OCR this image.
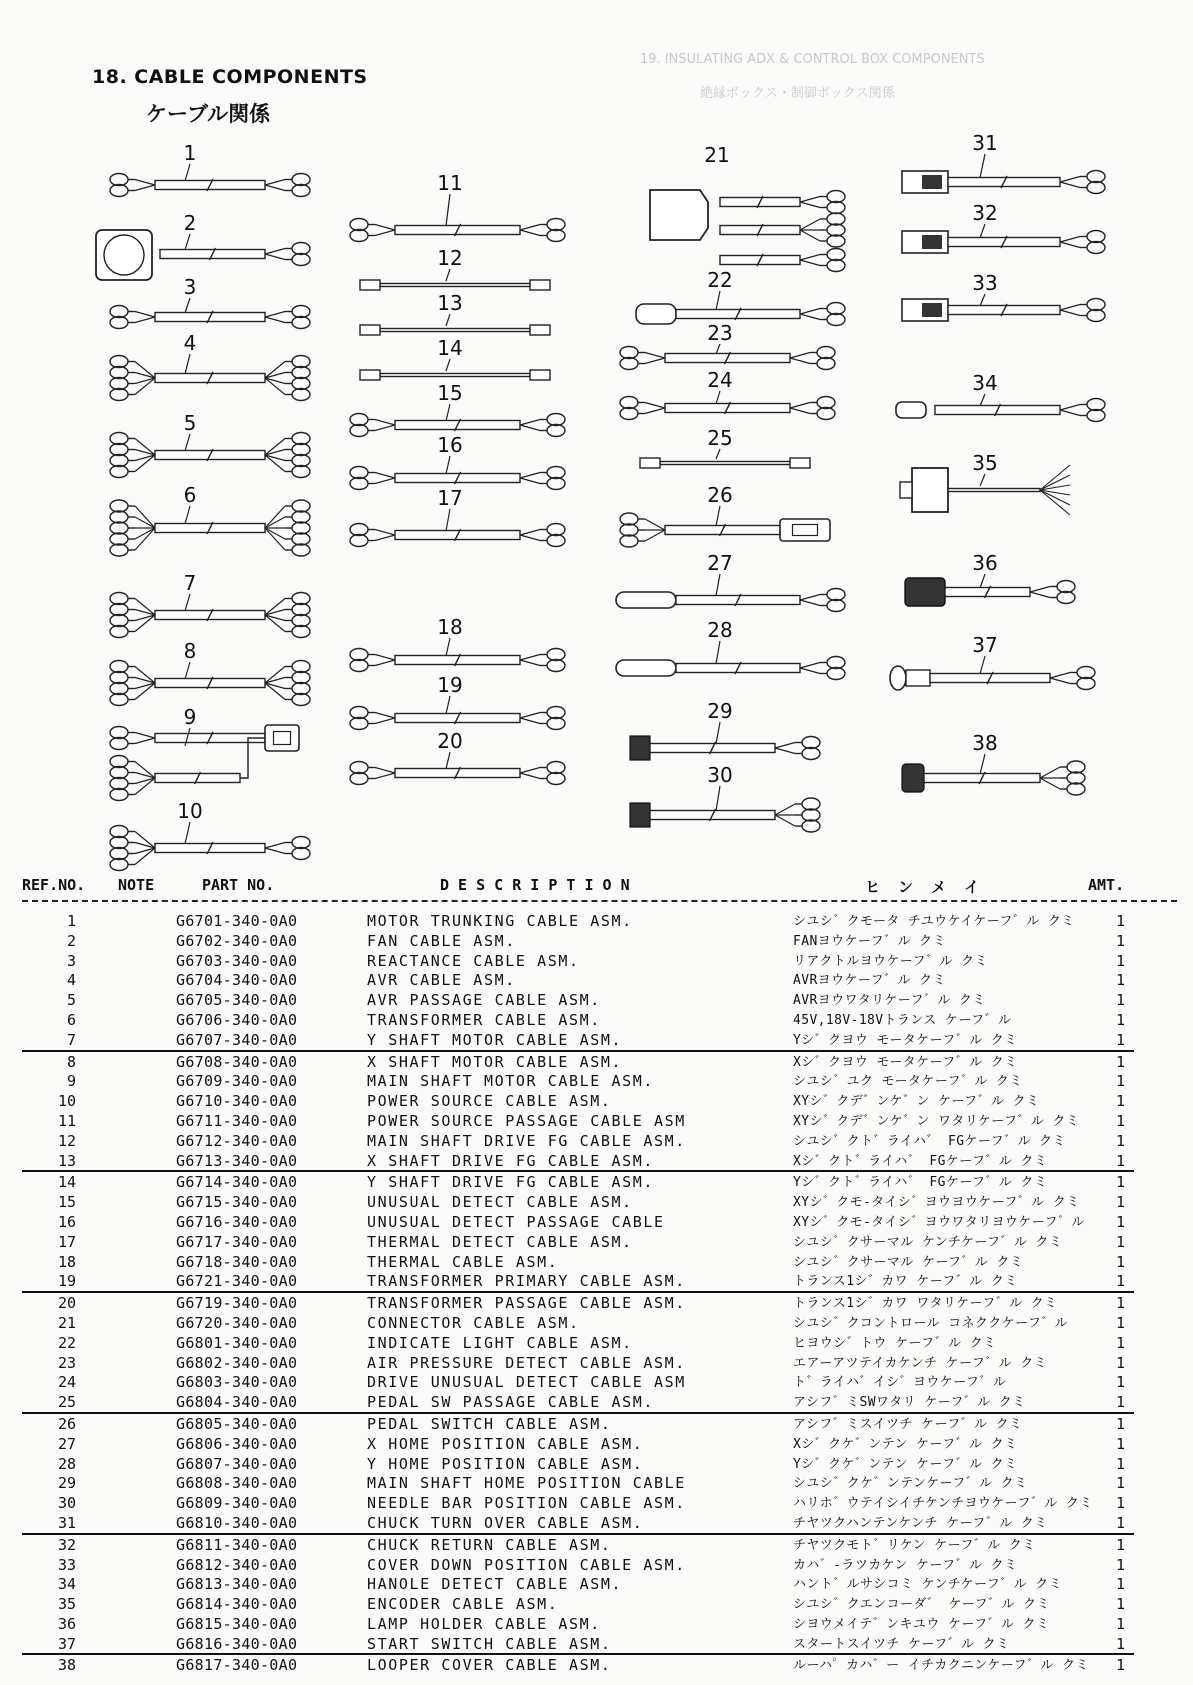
19. INSULATING ADX & CONTROL BOX COMPONENTS
絶縁ボックス・制御ボックス関係
18. CABLE COMPONENTS
ケーブル関係
1
2
3
4
5
6
7
8
9
10
11
12
13
14
15
16
17
18
19
20
21
22
23
24
25
26
27
28
29
30
31
32
33
34
35
36
37
38
REF.NO. NOTE	PART NO.	D E S C R I P T I O N	ヒ  ン  メ  イ	AMT.
1	G6701-340-0A0	MOTOR TRUNKING CABLE ASM.	シユシ゛クモータ チユウケイケーフ゛ル クミ	1
2	G6702-340-0A0	FAN CABLE ASM.	FANヨウケーフ゛ル クミ	1
3	G6703-340-0A0	REACTANCE CABLE ASM.	リアクトルヨウケーフ゛ル クミ	1
4	G6704-340-0A0	AVR CABLE ASM.	AVRヨウケーフ゛ル クミ	1
5	G6705-340-0A0	AVR PASSAGE CABLE ASM.	AVRヨウワタリケーフ゛ル クミ	1
6	G6706-340-0A0	TRANSFORMER CABLE ASM.	45V,18V-18Vトランス ケーフ゛ル	1
7	G6707-340-0A0	Y SHAFT MOTOR CABLE ASM.	Yシ゛クヨウ モータケーフ゛ル クミ	1
8	G6708-340-0A0	X SHAFT MOTOR CABLE ASM.	Xシ゛クヨウ モータケーフ゛ル クミ	1
9	G6709-340-0A0	MAIN SHAFT MOTOR CABLE ASM.	シユシ゛ユク モータケーフ゛ル クミ	1
10	G6710-340-0A0	POWER SOURCE CABLE ASM.	XYシ゛クデ゛ンケ゛ン ケーフ゛ル クミ	1
11	G6711-340-0A0	POWER SOURCE PASSAGE CABLE ASM	XYシ゛クデ゛ンケ゛ン ワタリケーフ゛ル クミ	1
12	G6712-340-0A0	MAIN SHAFT DRIVE FG CABLE ASM.	シユシ゛クト゛ライハ゛ FGケーフ゛ル クミ	1
13	G6713-340-0A0	X SHAFT DRIVE FG CABLE ASM.	Xシ゛クト゛ライハ゛ FGケーフ゛ル クミ	1
14	G6714-340-0A0	Y SHAFT DRIVE FG CABLE ASM.	Yシ゛クト゛ライハ゛ FGケーフ゛ル クミ	1
15	G6715-340-0A0	UNUSUAL DETECT CABLE ASM.	XYシ゛クモ-タイシ゛ヨウヨウケーフ゛ル クミ	1
16	G6716-340-0A0	UNUSUAL DETECT PASSAGE CABLE	XYシ゛クモ-タイシ゛ヨウワタリヨウケーフ゛ル	1
17	G6717-340-0A0	THERMAL DETECT CABLE ASM.	シユシ゛クサーマル ケンチケーフ゛ル クミ	1
18	G6718-340-0A0	THERMAL CABLE ASM.	シユシ゛クサーマル ケーフ゛ル クミ	1
19	G6721-340-0A0	TRANSFORMER PRIMARY CABLE ASM.	トランス1シ゛カワ ケーフ゛ル クミ	1
20	G6719-340-0A0	TRANSFORMER PASSAGE CABLE ASM.	トランス1シ゛カワ ワタリケーフ゛ル クミ	1
21	G6720-340-0A0	CONNECTOR CABLE ASM.	シユシ゛クコントロール コネククケーフ゛ル	1
22	G6801-340-0A0	INDICATE LIGHT CABLE ASM.	ヒヨウシ゛トウ ケーフ゛ル クミ	1
23	G6802-340-0A0	AIR PRESSURE DETECT CABLE ASM.	エアーアツテイカケンチ ケーフ゛ル クミ	1
24	G6803-340-0A0	DRIVE UNUSUAL DETECT CABLE ASM	ト゛ライハ゛イシ゛ヨウケーフ゛ル	1
25	G6804-340-0A0	PEDAL SW PASSAGE CABLE ASM.	アシフ゛ミSWワタリ ケーフ゛ル クミ	1
26	G6805-340-0A0	PEDAL SWITCH CABLE ASM.	アシフ゛ミスイツチ ケーフ゛ル クミ	1
27	G6806-340-0A0	X HOME POSITION CABLE ASM.	Xシ゛クケ゛ンテン ケーフ゛ル クミ	1
28	G6807-340-0A0	Y HOME POSITION CABLE ASM.	Yシ゛クケ゛ンテン ケーフ゛ル クミ	1
29	G6808-340-0A0	MAIN SHAFT HOME POSITION CABLE	シユシ゛クケ゛ンテンケーフ゛ル クミ	1
30	G6809-340-0A0	NEEDLE BAR POSITION CABLE ASM.	ハリホ゛ウテイシイチケンチヨウケーフ゛ル クミ	1
31	G6810-340-0A0	CHUCK TURN OVER CABLE ASM.	チヤツクハンテンケンチ ケーフ゛ル クミ	1
32	G6811-340-0A0	CHUCK RETURN CABLE ASM.	チヤツクモト゛リケン ケーフ゛ル クミ	1
33	G6812-340-0A0	COVER DOWN POSITION CABLE ASM.	カハ゛-ラツカケン ケーフ゛ル クミ	1
34	G6813-340-0A0	HANOLE DETECT CABLE ASM.	ハント゛ルサシコミ ケンチケーフ゛ル クミ	1
35	G6814-340-0A0	ENCODER CABLE ASM.	シユシ゛クエンコーダ゛ ケーフ゛ル クミ	1
36	G6815-340-0A0	LAMP HOLDER CABLE ASM.	シヨウメイテ゛ンキユウ ケーフ゛ル クミ	1
37	G6816-340-0A0	START SWITCH CABLE ASM.	スタートスイツチ ケーフ゛ル クミ	1
38	G6817-340-0A0	LOOPER COVER CABLE ASM.	ルーハ゜カハ゛ー イチカクニンケーフ゛ル クミ	1
